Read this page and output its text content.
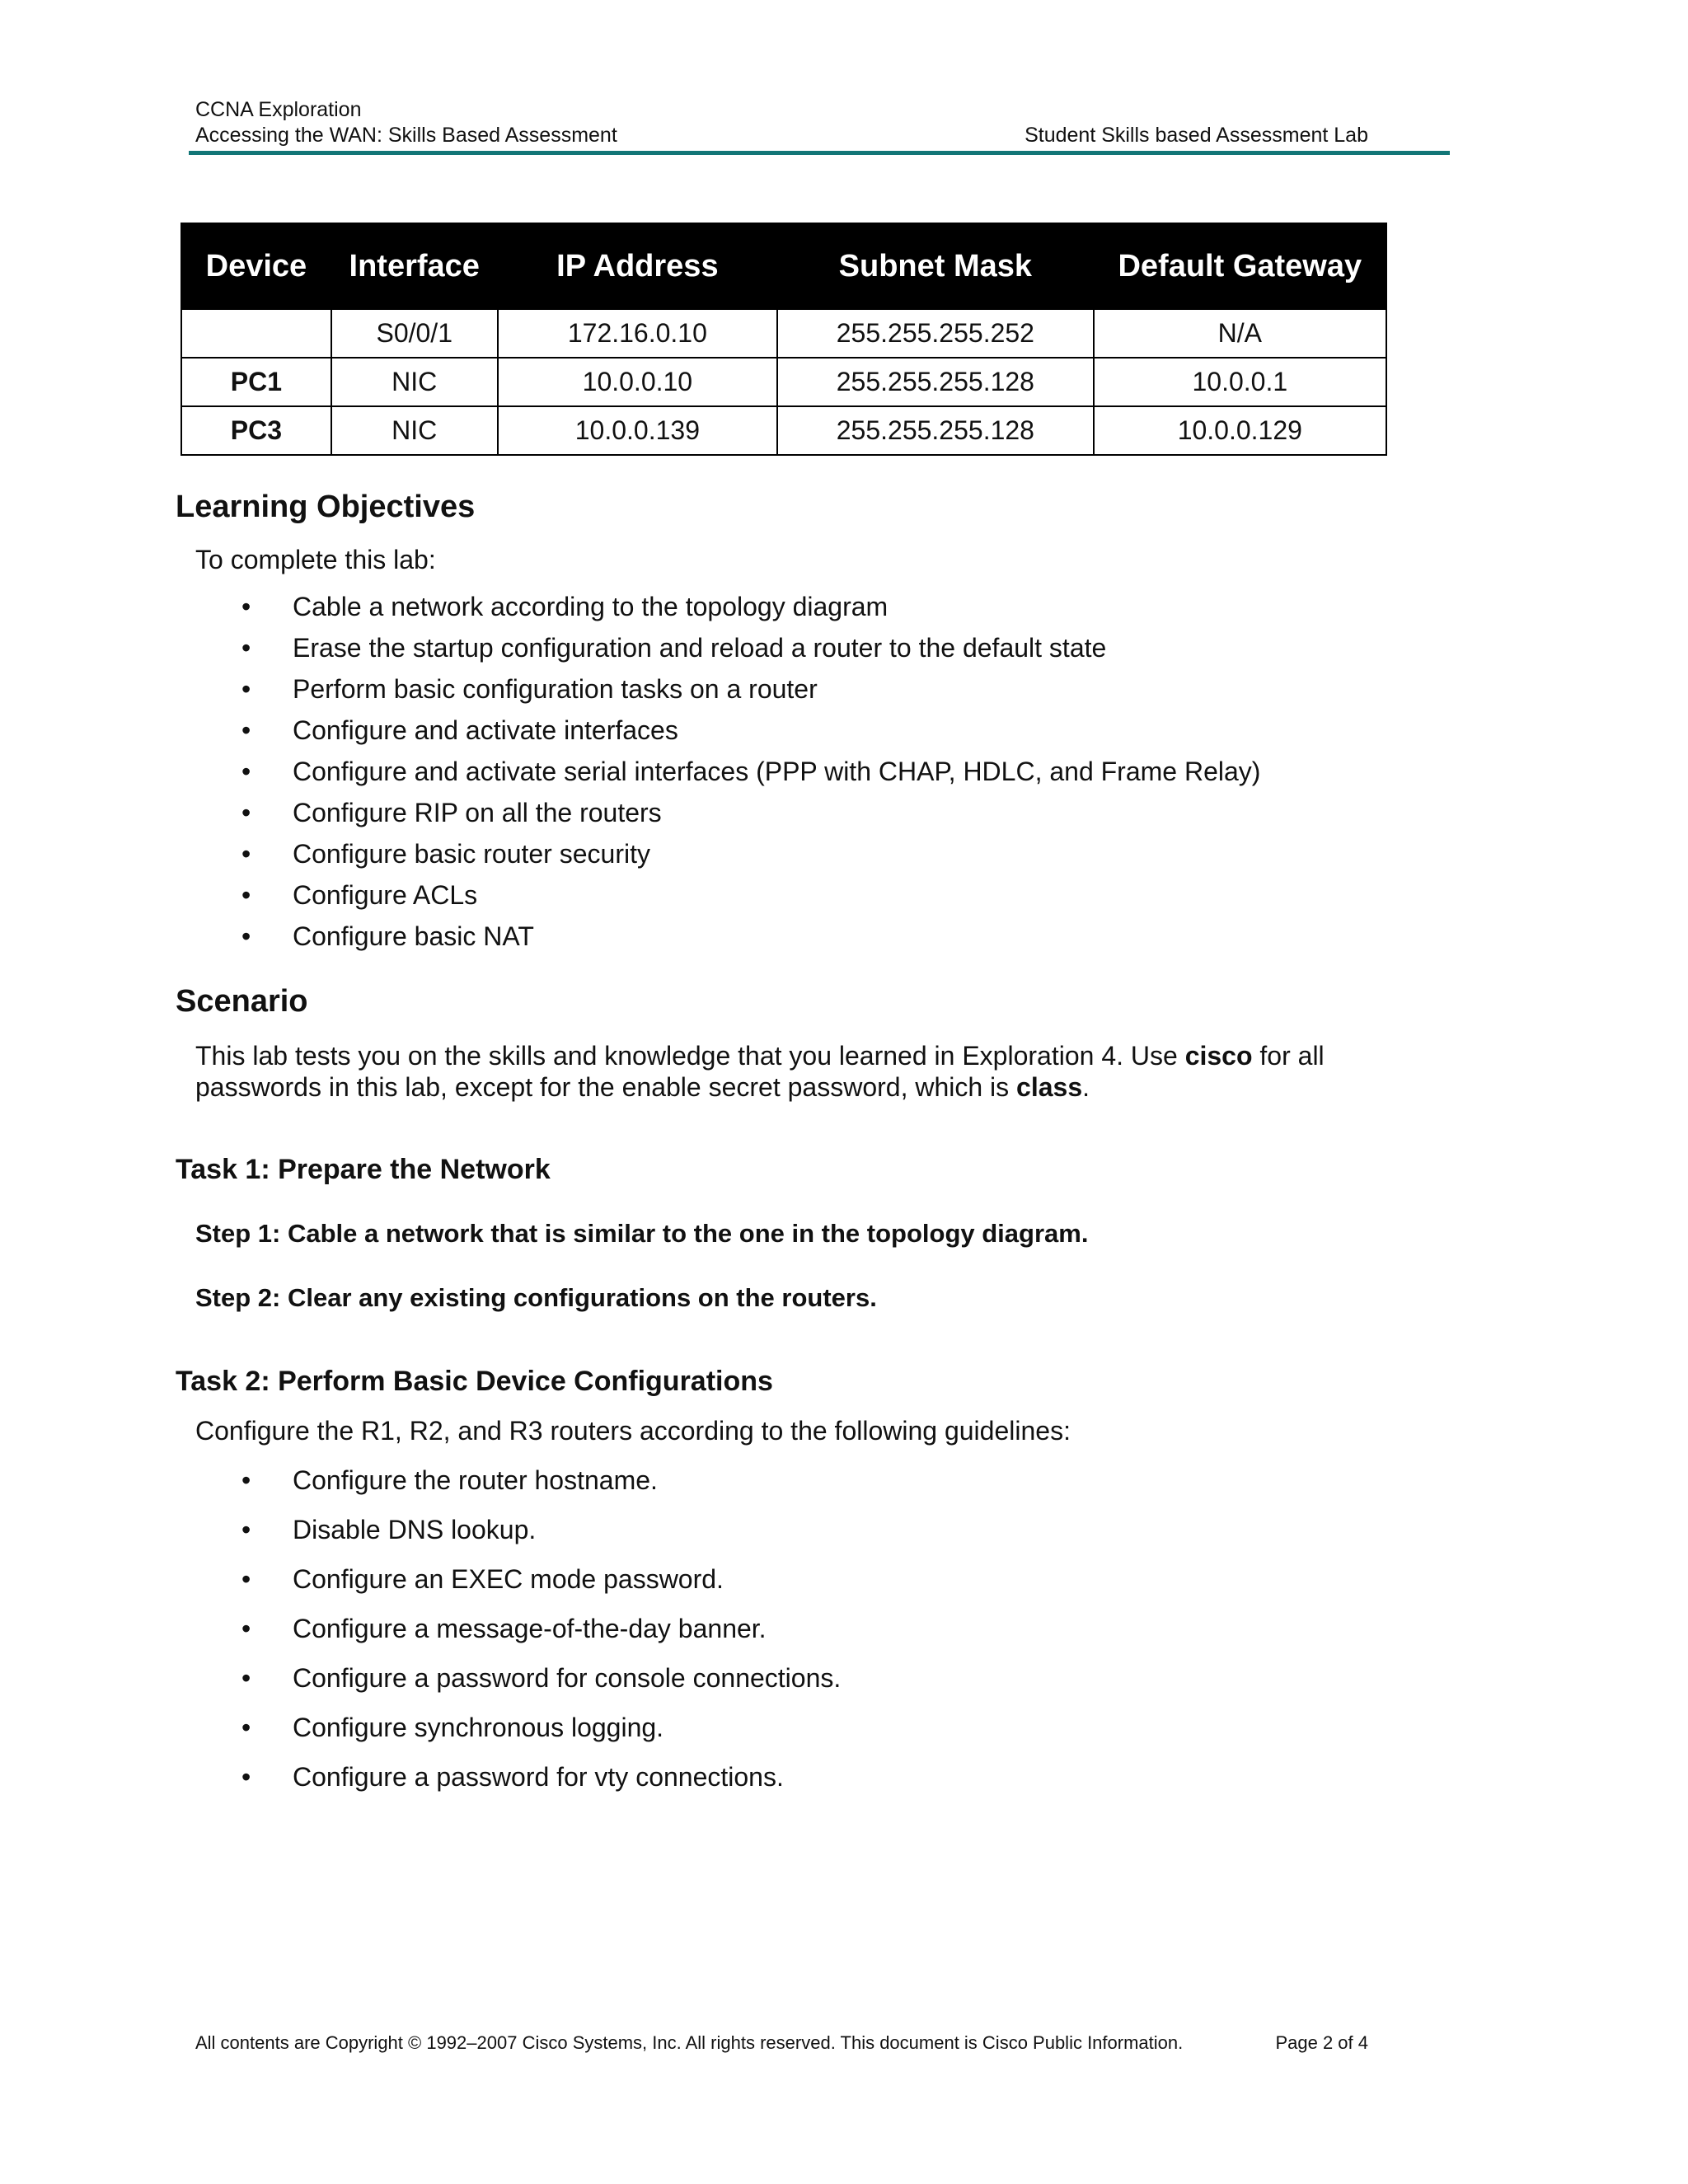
CCNA Exploration
Accessing the WAN: Skills Based Assessment	Student Skills based Assessment Lab
Device	Interface	IP Address	Subnet Mask	Default Gateway
	S0/0/1	172.16.0.10	255.255.255.252	N/A
PC1	NIC	10.0.0.10	255.255.255.128	10.0.0.1
PC3	NIC	10.0.0.139	255.255.255.128	10.0.0.129
Learning Objectives
To complete this lab:
• Cable a network according to the topology diagram
• Erase the startup configuration and reload a router to the default state
• Perform basic configuration tasks on a router
• Configure and activate interfaces
• Configure and activate serial interfaces (PPP with CHAP, HDLC, and Frame Relay)
• Configure RIP on all the routers
• Configure basic router security
• Configure ACLs
• Configure basic NAT
Scenario
This lab tests you on the skills and knowledge that you learned in Exploration 4. Use cisco for all passwords in this lab, except for the enable secret password, which is class.
Task 1: Prepare the Network
Step 1: Cable a network that is similar to the one in the topology diagram.
Step 2: Clear any existing configurations on the routers.
Task 2: Perform Basic Device Configurations
Configure the R1, R2, and R3 routers according to the following guidelines:
• Configure the router hostname.
• Disable DNS lookup.
• Configure an EXEC mode password.
• Configure a message-of-the-day banner.
• Configure a password for console connections.
• Configure synchronous logging.
• Configure a password for vty connections.
All contents are Copyright © 1992–2007 Cisco Systems, Inc. All rights reserved. This document is Cisco Public Information.	Page 2 of 4
